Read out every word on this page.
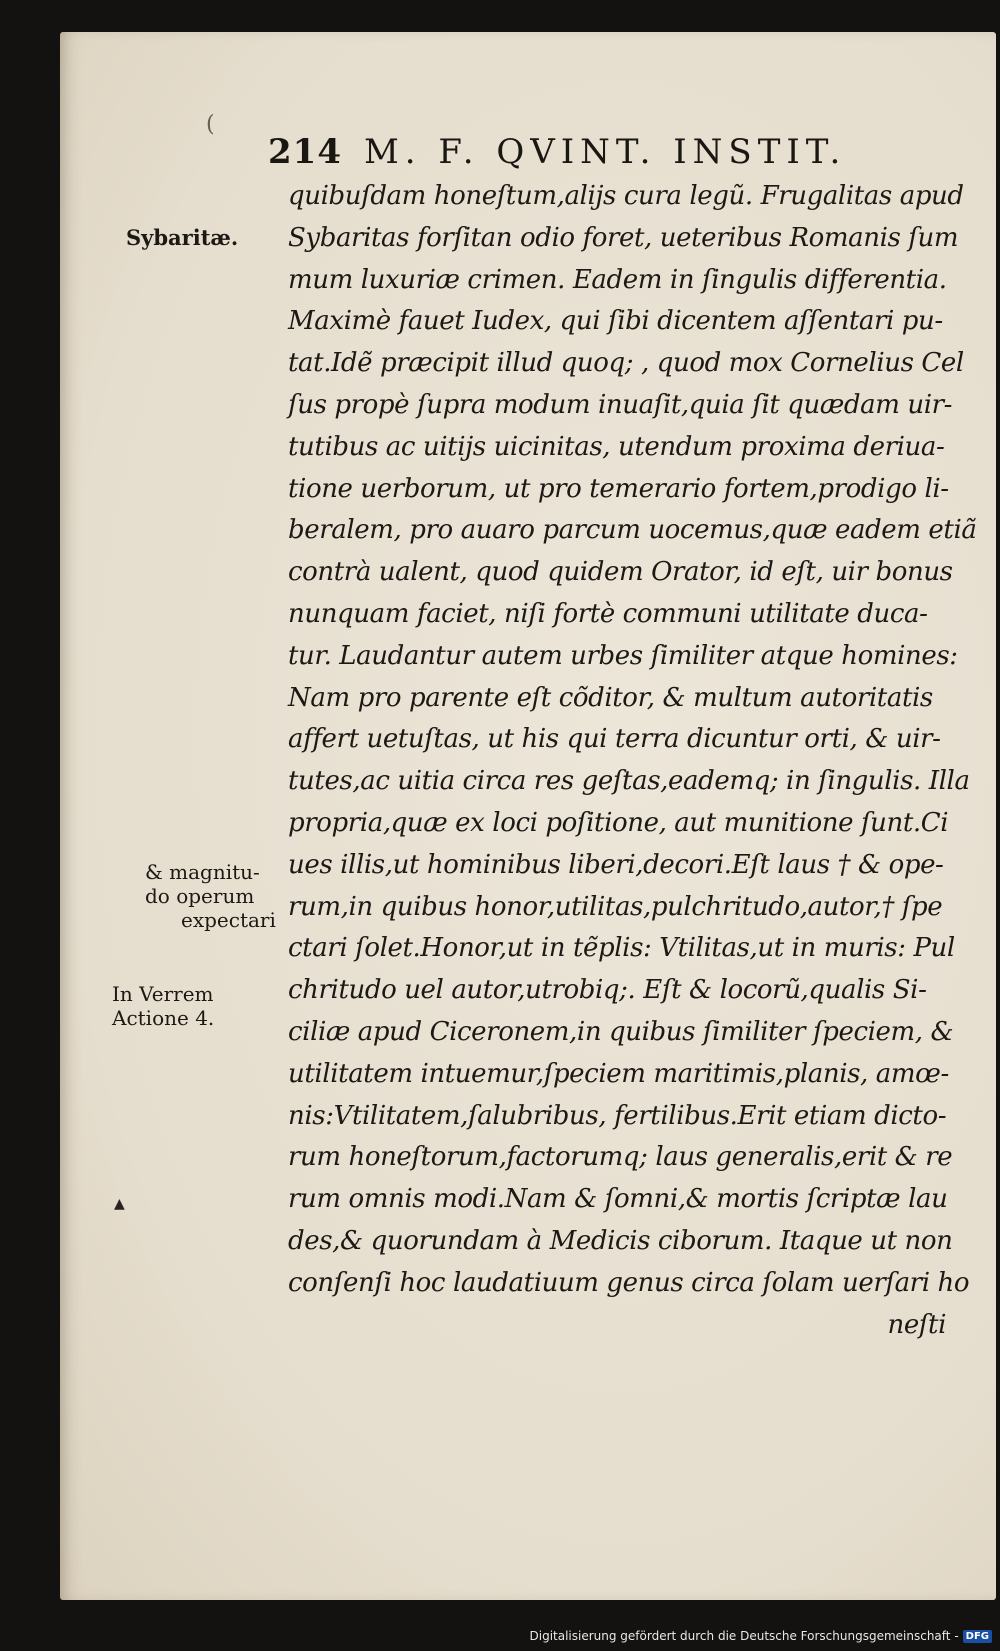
(
214 M. F. QVINT. INSTIT.
Sybaritæ.
& magnitu-
do operum
expectari
In Verrem
Actione 4.
▲
quibuſdam honeſtum,alijs cura legũ. Frugalitas apud
Sybaritas forſitan odio foret, ueteribus Romanis ſum
mum luxuriæ crimen. Eadem in ſingulis differentia.
Maximè fauet Iudex, qui ſibi dicentem aſſentari pu-
tat.Idẽ præcipit illud quoq; , quod mox Cornelius Cel
ſus propè ſupra modum inuaſit,quia ſit quædam uir-
tutibus ac uitijs uicinitas, utendum proxima deriua-
tione uerborum, ut pro temerario fortem,prodigo li-
beralem, pro auaro parcum uocemus,quæ eadem etiã
contrà ualent, quod quidem Orator, id eſt, uir bonus
nunquam faciet, niſi fortè communi utilitate duca-
tur. Laudantur autem urbes ſimiliter atque homines:
Nam pro parente eſt cõditor, & multum autoritatis
affert uetuſtas, ut his qui terra dicuntur orti, & uir-
tutes,ac uitia circa res geſtas,eademq; in ſingulis. Illa
propria,quæ ex loci poſitione, aut munitione ſunt.Ci
ues illis,ut hominibus liberi,decori.Eſt laus † & ope-
rum,in quibus honor,utilitas,pulchritudo,autor,† ſpe
ctari ſolet.Honor,ut in tẽplis: Vtilitas,ut in muris: Pul
chritudo uel autor,utrobiq;. Eſt & locorũ,qualis Si-
ciliæ apud Ciceronem,in quibus ſimiliter ſpeciem, &
utilitatem intuemur,ſpeciem maritimis,planis, amœ-
nis:Vtilitatem,ſalubribus, fertilibus.Erit etiam dicto-
rum honeſtorum,factorumq; laus generalis,erit & re
rum omnis modi.Nam & ſomni,& mortis ſcriptæ lau
des,& quorundam à Medicis ciborum. Itaque ut non
conſenſi hoc laudatiuum genus circa ſolam uerſari ho
neſti
Digitalisierung gefördert durch die Deutsche Forschungsgemeinschaft - DFG
